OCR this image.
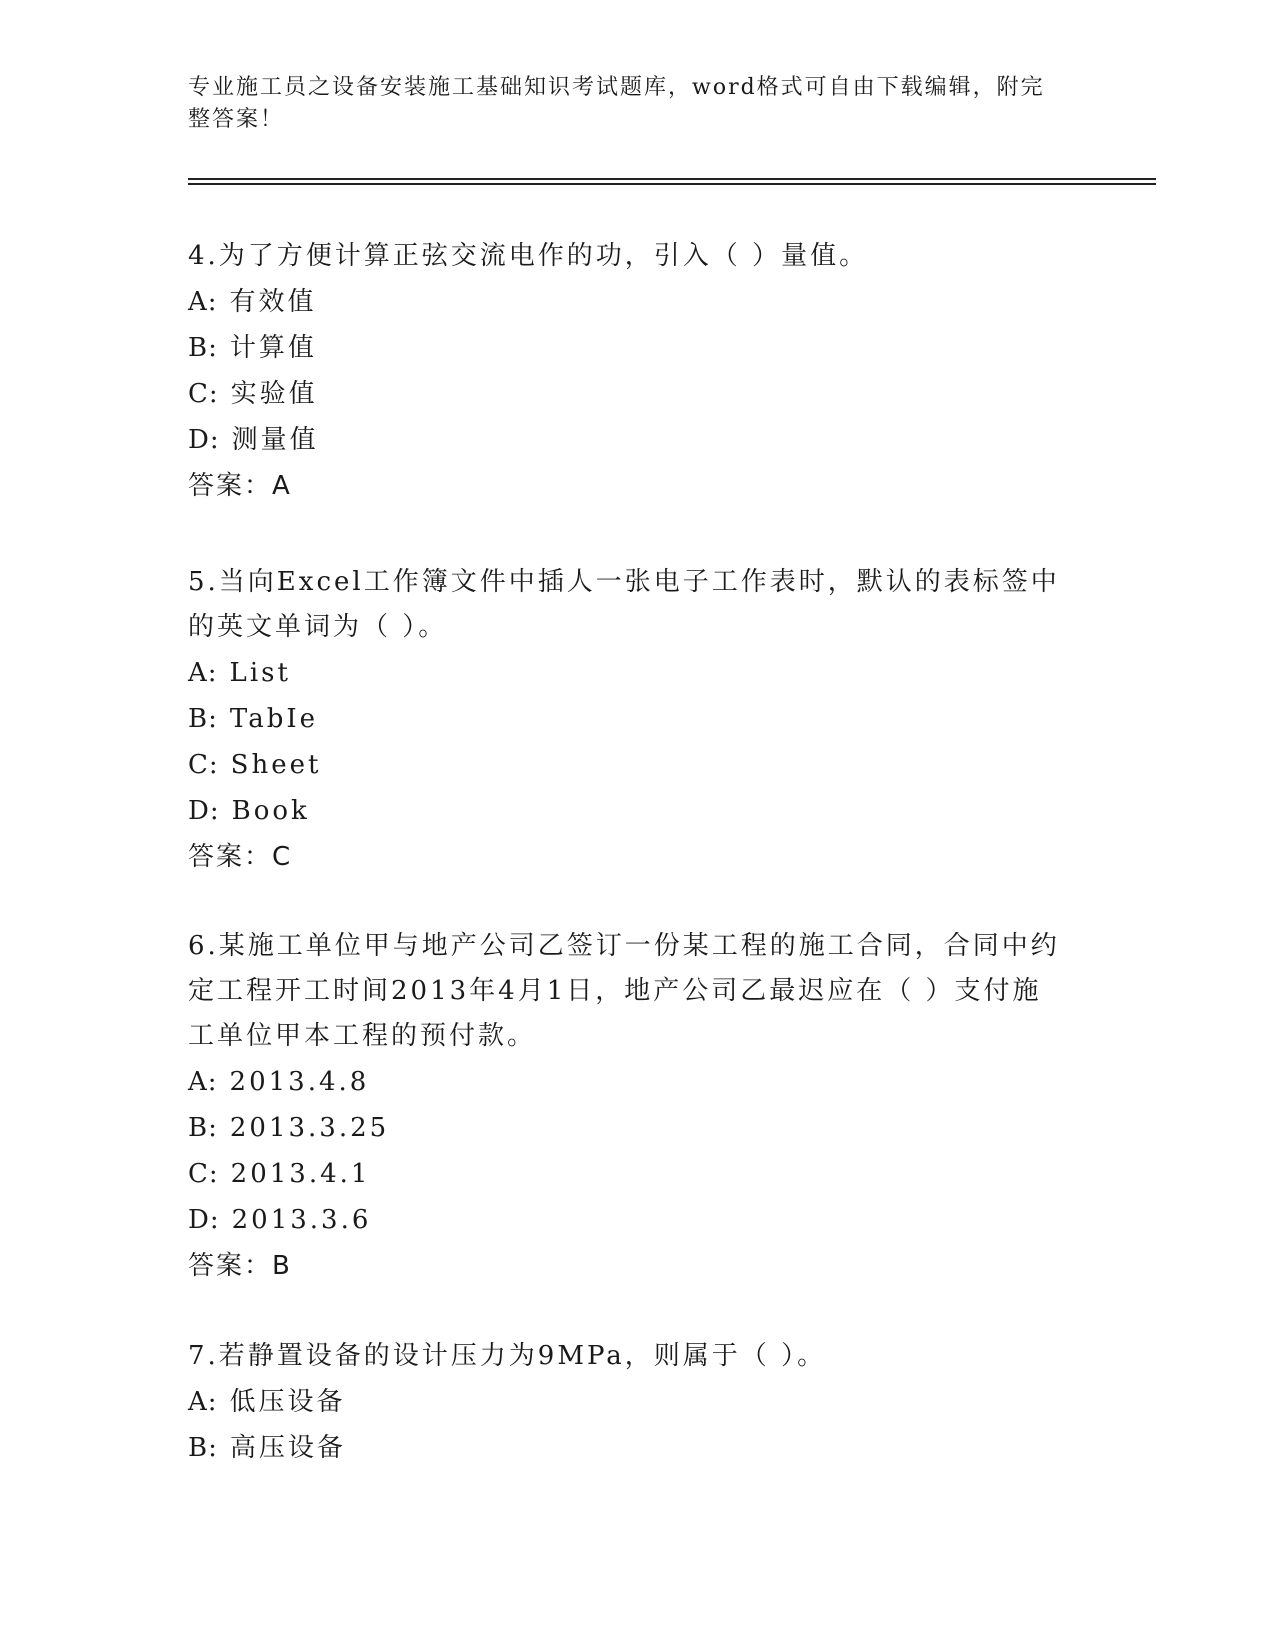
专业施工员之设备安装施工基础知识考试题库，word格式可自由下载编辑，附完整答案！

4.为了方便计算正弦交流电作的功，引入（ ）量值。

A: 有效值

B: 计算值

C: 实验值

D: 测量值

答案：A

5.当向Excel工作簿文件中插人一张电子工作表时，默认的表标签中的英文单词为（ ）。

A: List

B: TabIe

C: Sheet

D: Book

答案：C

6.某施工单位甲与地产公司乙签订一份某工程的施工合同，合同中约定工程开工时间2013年4月1日，地产公司乙最迟应在（ ）支付施工单位甲本工程的预付款。

A: 2013.4.8

B: 2013.3.25

C: 2013.4.1

D: 2013.3.6

答案：B

7.若静置设备的设计压力为9MPa，则属于（ ）。

A: 低压设备

B: 高压设备
